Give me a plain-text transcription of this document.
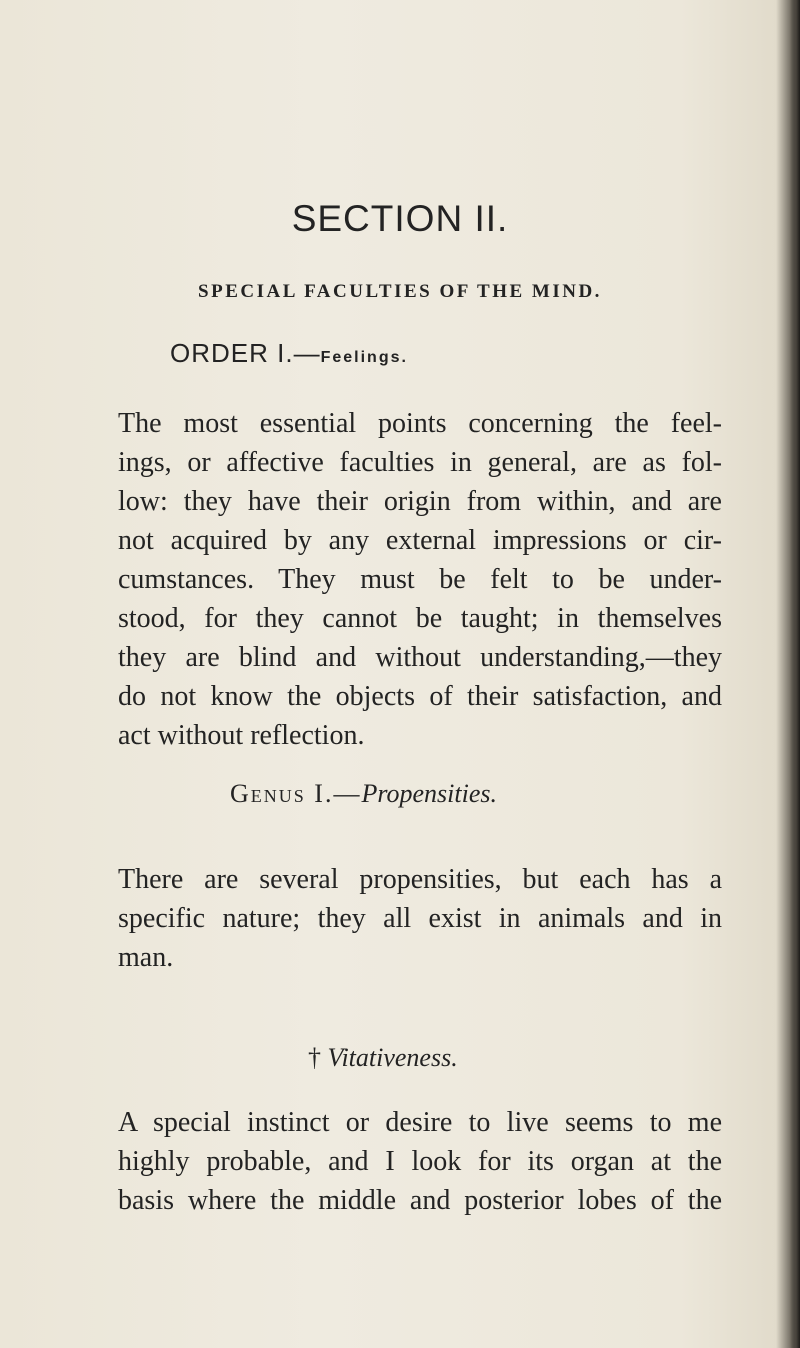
SECTION II.
SPECIAL FACULTIES OF THE MIND.
ORDER I.—Feelings.
The most essential points concerning the feel-
ings, or affective faculties in general, are as fol-
low: they have their origin from within, and are
not acquired by any external impressions or cir-
cumstances. They must be felt to be under-
stood, for they cannot be taught; in themselves
they are blind and without understanding,—they
do not know the objects of their satisfaction, and
act without reflection.
Genus I.—Propensities.
There are several propensities, but each has a
specific nature; they all exist in animals and in
man.
† Vitativeness.
A special instinct or desire to live seems to me
highly probable, and I look for its organ at the
basis where the middle and posterior lobes of the
